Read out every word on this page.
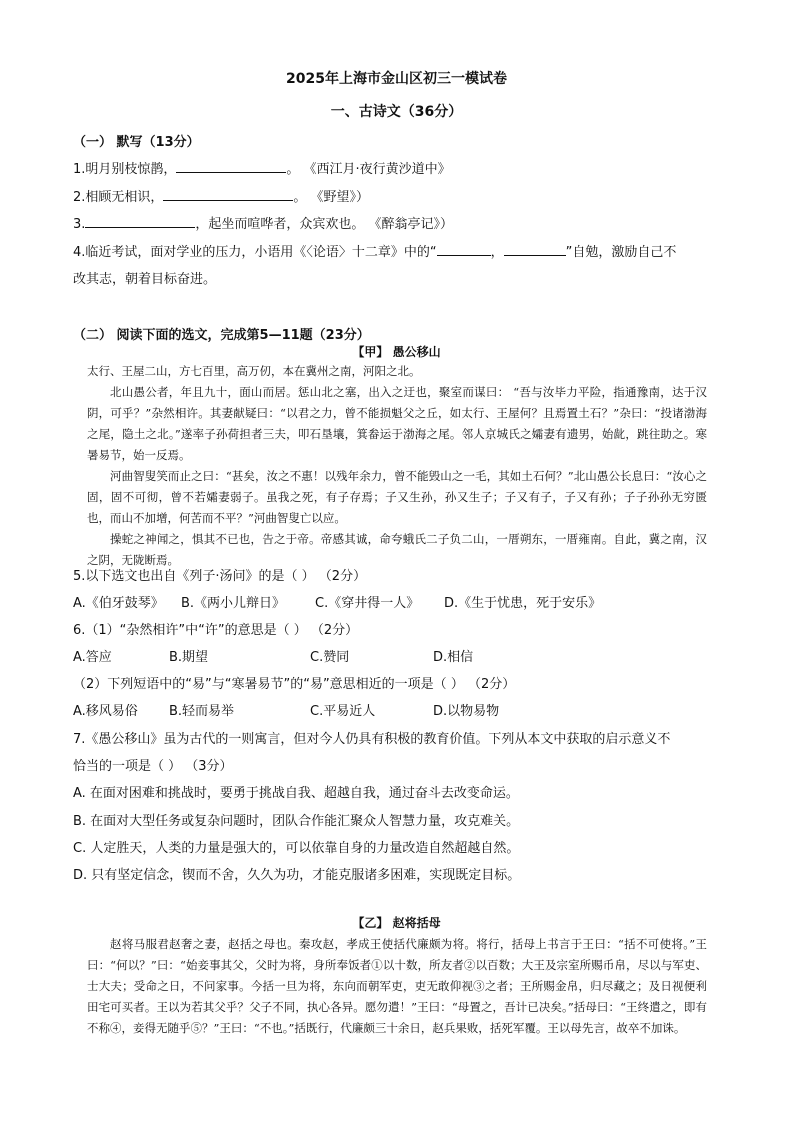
2025年上海市金山区初三一模试卷
一、古诗文（36分）
（一） 默写（13分）
1.明月别枝惊鹊，	。 《西江月·夜行黄沙道中》
2.相顾无相识，	。 《野望》）
3.	，起坐而喧哗者，众宾欢也。 《醉翁亭记》）
4.临近考试，面对学业的压力，小语用《〈论语〉十二章》中的“	，	”自勉，激励自己不
改其志，朝着目标奋进。
（二） 阅读下面的选文，完成第5—11题（23分）
【甲】 愚公移山
太行、王屋二山，方七百里，高万仞，本在冀州之南，河阳之北。
北山愚公者，年且九十，面山而居。惩山北之塞，出入之迂也，聚室而谋曰： “吾与汝毕力平险，指通豫南，达于汉阴，可乎？”杂然相许。其妻献疑曰：“以君之力，曾不能损魁父之丘，如太行、王屋何？且焉置土石？”杂曰：“投诸渤海之尾，隐土之北。”遂率子孙荷担者三夫，叩石垦壤，箕畚运于渤海之尾。邻人京城氏之孀妻有遗男，始龀，跳往助之。寒暑易节，始一反焉。
河曲智叟笑而止之曰：“甚矣，汝之不惠！以残年余力，曾不能毁山之一毛，其如土石何？”北山愚公长息曰：“汝心之固，固不可彻，曾不若孀妻弱子。虽我之死，有子存焉；子又生孙，孙又生子；子又有子，子又有孙；子子孙孙无穷匮也，而山不加增，何苦而不平？”河曲智叟亡以应。
操蛇之神闻之，惧其不已也，告之于帝。帝感其诚，命夸蛾氏二子负二山，一厝朔东，一厝雍南。自此，冀之南，汉之阴，无陇断焉。
5.以下选文也出自《列子·汤问》的是（ ） （2分）
A.《伯牙鼓琴》 B.《两小儿辩日》 C.《穿井得一人》 D.《生于忧患，死于安乐》
6.（1）“杂然相许”中“许”的意思是（ ） （2分）
A.答应	B.期望	C.赞同	D.相信
（2）下列短语中的“易”与“寒暑易节”的“易”意思相近的一项是（ ） （2分）
A.移风易俗 B.轻而易举	C.平易近人	D.以物易物
7.《愚公移山》虽为古代的一则寓言，但对今人仍具有积极的教育价值。下列从本文中获取的启示意义不
恰当的一项是（ ） （3分）
A. 在面对困难和挑战时，要勇于挑战自我、超越自我，通过奋斗去改变命运。
B. 在面对大型任务或复杂问题时，团队合作能汇聚众人智慧力量，攻克难关。
C. 人定胜天，人类的力量是强大的，可以依靠自身的力量改造自然超越自然。
D. 只有坚定信念，锲而不舍，久久为功，才能克服诸多困难，实现既定目标。
【乙】 赵将括母
赵将马服君赵奢之妻，赵括之母也。秦攻赵，孝成王使括代廉颇为将。将行，括母上书言于王曰：“括不可使将。”王曰：“何以？”曰：“始妾事其父，父时为将，身所奉饭者①以十数，所友者②以百数；大王及宗室所赐币帛，尽以与军吏、士大夫；受命之日，不问家事。今括一旦为将，东向而朝军吏，吏无敢仰视③之者；王所赐金帛，归尽藏之；及日视便利田宅可买者。王以为若其父乎？父子不同，执心各异。愿勿遣！”王曰：“母置之，吾计已决矣。”括母曰：“王终遣之，即有不称④，妾得无随乎⑤？”王曰：“不也。”括既行，代廉颇三十余日，赵兵果败，括死军覆。王以母先言，故卒不加诛。
